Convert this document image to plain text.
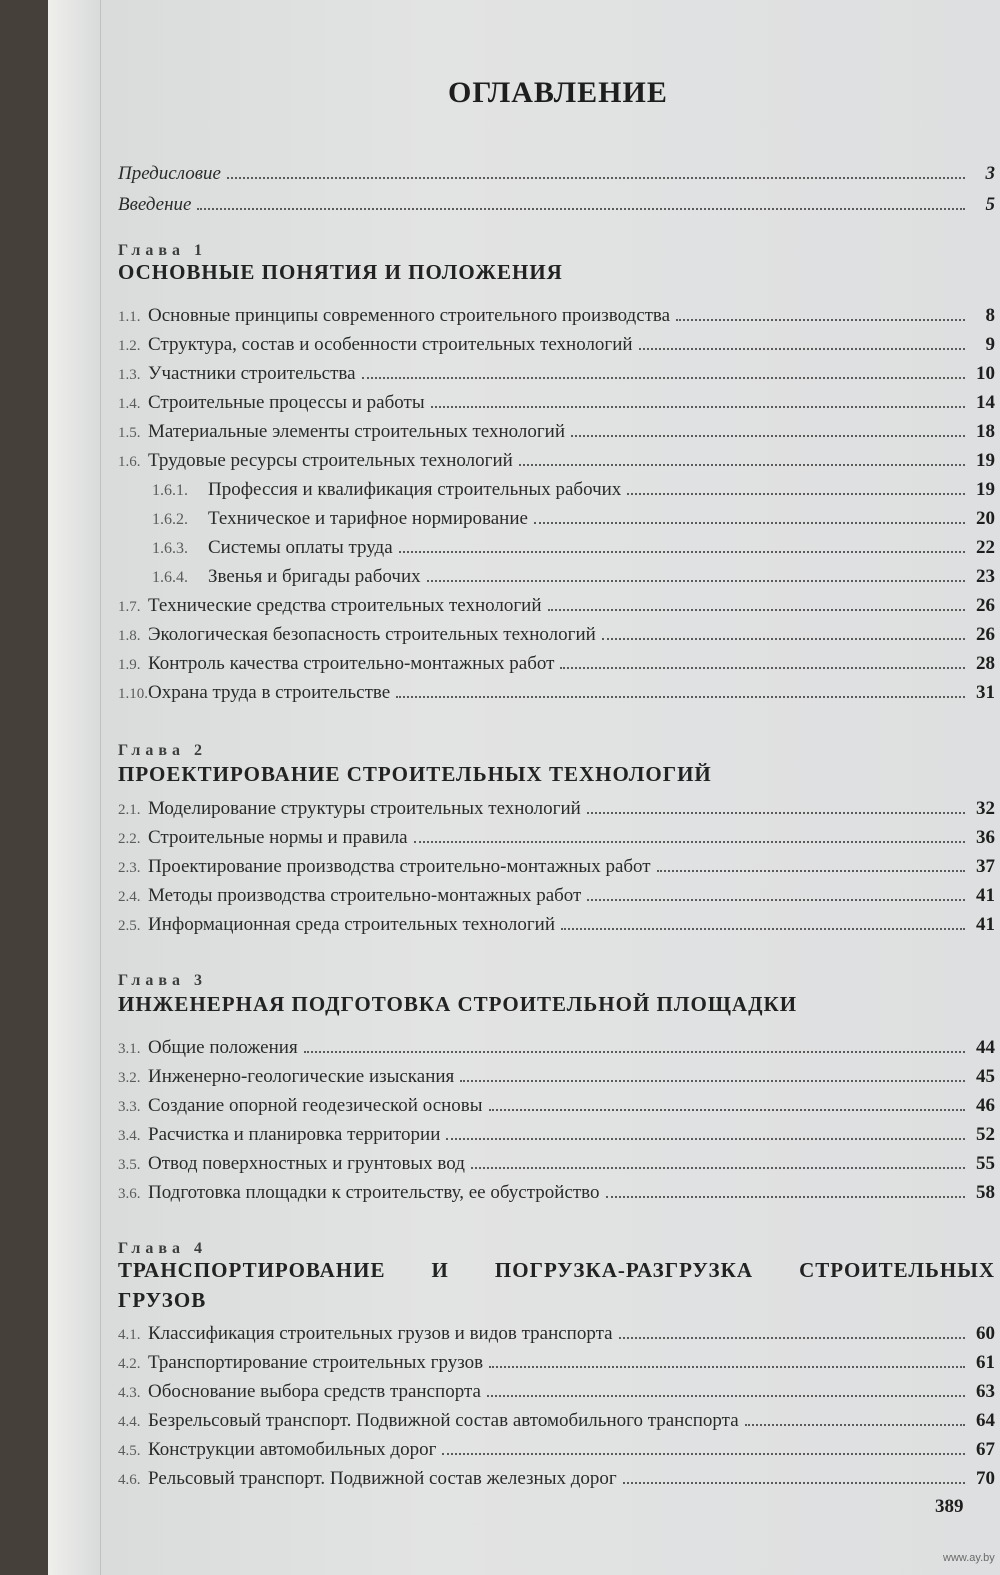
ОГЛАВЛЕНИЕ
Предисловие	3
Введение	5
Глава 1
ОСНОВНЫЕ ПОНЯТИЯ И ПОЛОЖЕНИЯ
1.1. Основные принципы современного строительного производства	8
1.2. Структура, состав и особенности строительных технологий	9
1.3. Участники строительства	10
1.4. Строительные процессы и работы	14
1.5. Материальные элементы строительных технологий	18
1.6. Трудовые ресурсы строительных технологий	19
1.6.1.	Профессия и квалификация строительных рабочих	19
1.6.2.	Техническое и тарифное нормирование	20
1.6.3.	Системы оплаты труда	22
1.6.4.	Звенья и бригады рабочих	23
1.7. Технические средства строительных технологий	26
1.8. Экологическая безопасность строительных технологий	26
1.9. Контроль качества строительно-монтажных работ	28
1.10. Охрана труда в строительстве	31
Глава 2
ПРОЕКТИРОВАНИЕ СТРОИТЕЛЬНЫХ ТЕХНОЛОГИЙ
2.1. Моделирование структуры строительных технологий	32
2.2. Строительные нормы и правила	36
2.3. Проектирование производства строительно-монтажных работ	37
2.4. Методы производства строительно-монтажных работ	41
2.5. Информационная среда строительных технологий	41
Глава 3
ИНЖЕНЕРНАЯ ПОДГОТОВКА СТРОИТЕЛЬНОЙ ПЛОЩАДКИ
3.1. Общие положения	44
3.2. Инженерно-геологические изыскания	45
3.3. Создание опорной геодезической основы	46
3.4. Расчистка и планировка территории	52
3.5. Отвод поверхностных и грунтовых вод	55
3.6. Подготовка площадки к строительству, ее обустройство	58
Глава 4
ТРАНСПОРТИРОВАНИЕ И ПОГРУЗКА-РАЗГРУЗКА СТРОИТЕЛЬНЫХ
ГРУЗОВ
4.1. Классификация строительных грузов и видов транспорта	60
4.2. Транспортирование строительных грузов	61
4.3. Обоснование выбора средств транспорта	63
4.4. Безрельсовый транспорт. Подвижной состав автомобильного транспорта	64
4.5. Конструкции автомобильных дорог	67
4.6. Рельсовый транспорт. Подвижной состав железных дорог	70
389
www.ay.by
